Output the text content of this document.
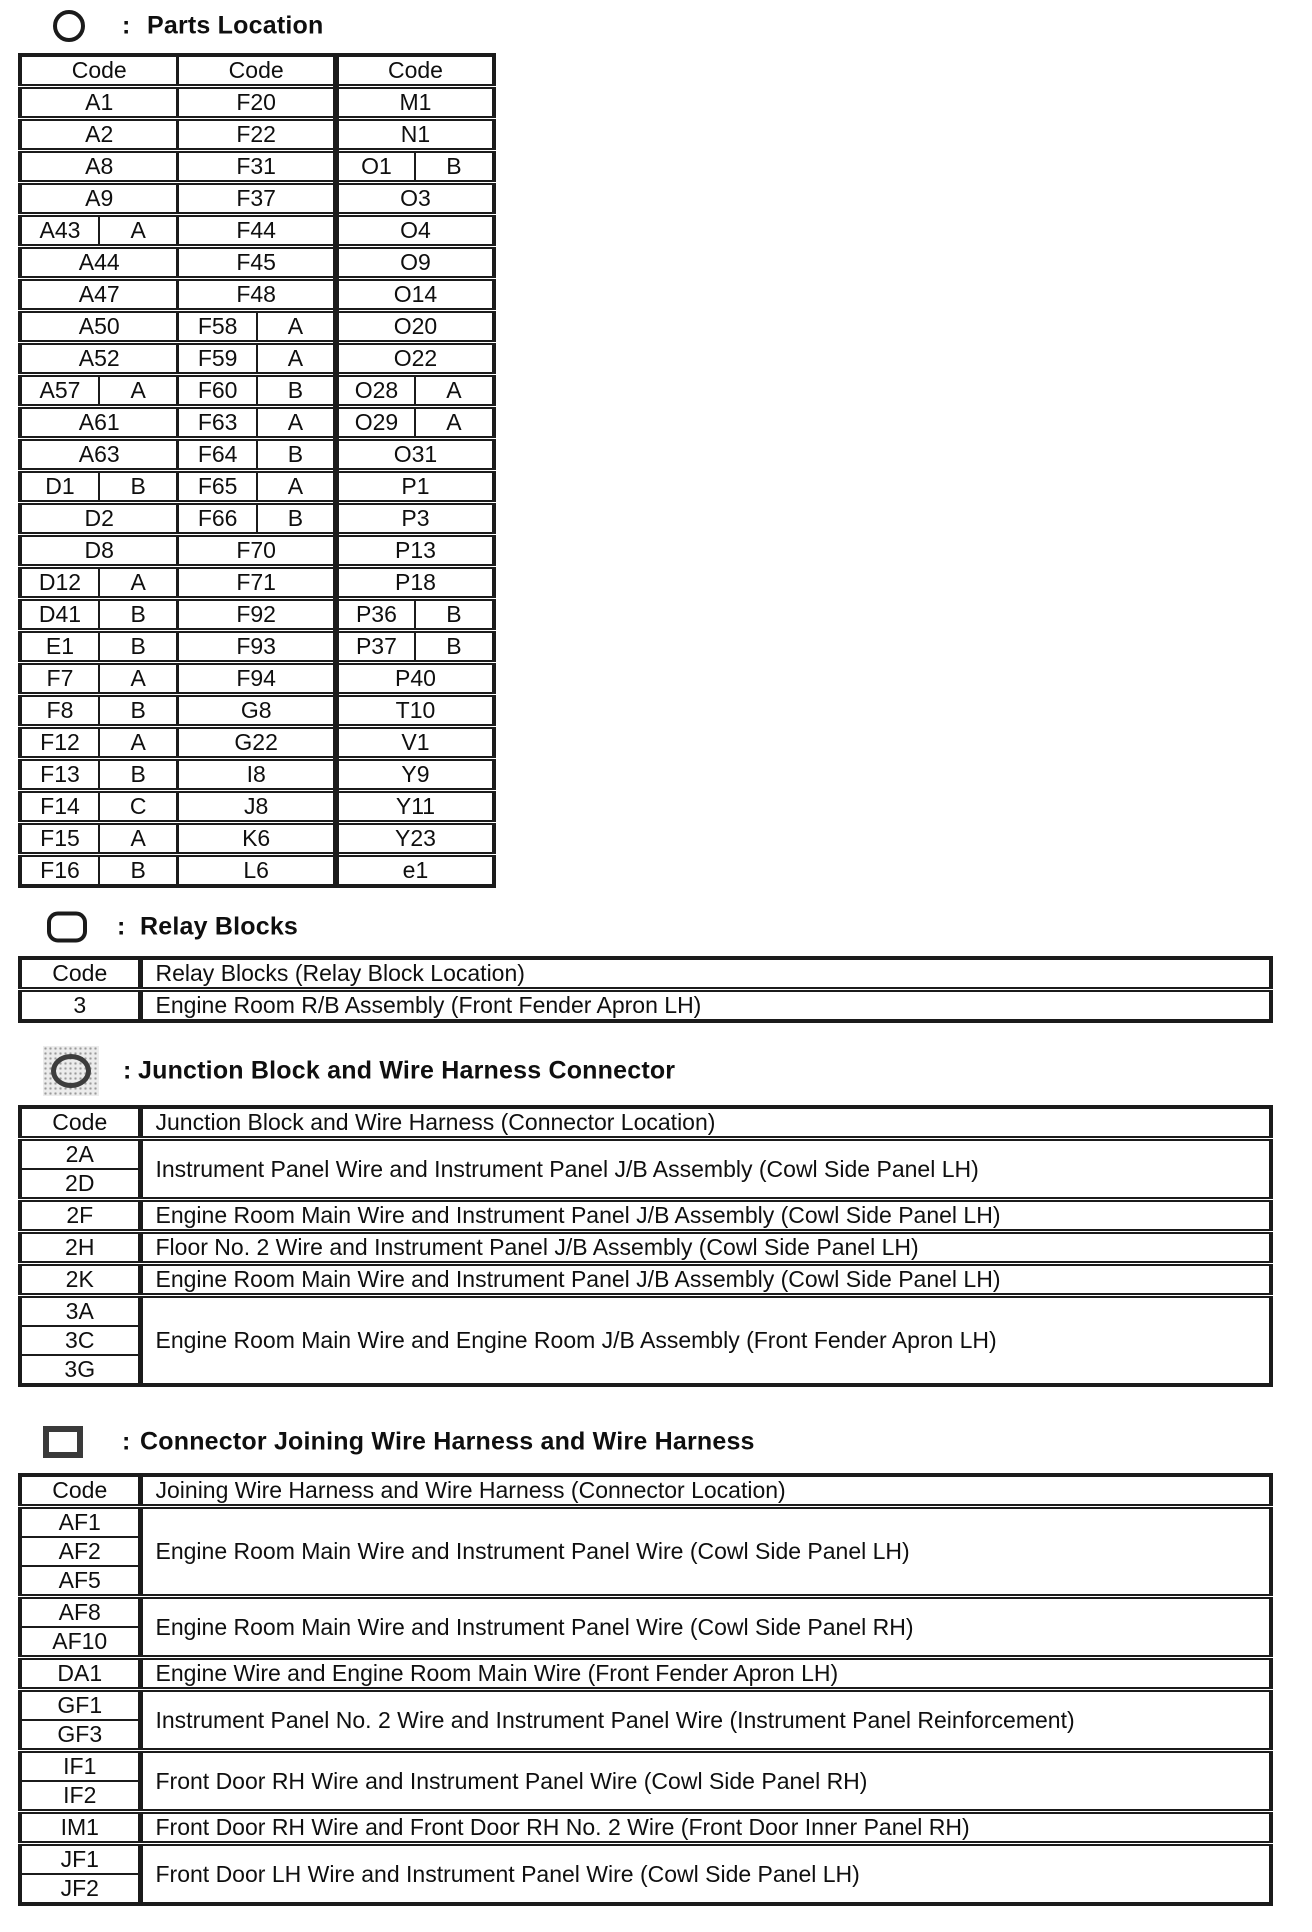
: Parts Location
Code		Code		Code	
A1		F20		M1	
A2		F22		N1	
A8		F31		O1	B
A9		F37		O3	
A43	A	F44		O4	
A44		F45		O9	
A47		F48		O14	
A50		F58	A	O20	
A52		F59	A	O22	
A57	A	F60	B	O28	A
A61		F63	A	O29	A
A63		F64	B	O31	
D1	B	F65	A	P1	
D2		F66	B	P3	
D8		F70		P13	
D12	A	F71		P18	
D41	B	F92		P36	B
E1	B	F93		P37	B
F7	A	F94		P40	
F8	B	G8		T10	
F12	A	G22		V1	
F13	B	I8		Y9	
F14	C	J8		Y11	
F15	A	K6		Y23	
F16	B	L6		e1	
: Relay Blocks
Code	Relay Blocks (Relay Block Location)
3	Engine Room R/B Assembly (Front Fender Apron LH)
: Junction Block and Wire Harness Connector
Code	Junction Block and Wire Harness (Connector Location)
2A	Instrument Panel Wire and Instrument Panel J/B Assembly (Cowl Side Panel LH)
2D	
2F	Engine Room Main Wire and Instrument Panel J/B Assembly (Cowl Side Panel LH)
2H	Floor No. 2 Wire and Instrument Panel J/B Assembly (Cowl Side Panel LH)
2K	Engine Room Main Wire and Instrument Panel J/B Assembly (Cowl Side Panel LH)
3A	Engine Room Main Wire and Engine Room J/B Assembly (Front Fender Apron LH)
3C	
3G	
: Connector Joining Wire Harness and Wire Harness
Code	Joining Wire Harness and Wire Harness (Connector Location)
AF1	Engine Room Main Wire and Instrument Panel Wire (Cowl Side Panel LH)
AF2	
AF5	
AF8	Engine Room Main Wire and Instrument Panel Wire (Cowl Side Panel RH)
AF10	
DA1	Engine Wire and Engine Room Main Wire (Front Fender Apron LH)
GF1	Instrument Panel No. 2 Wire and Instrument Panel Wire (Instrument Panel Reinforcement)
GF3	
IF1	Front Door RH Wire and Instrument Panel Wire (Cowl Side Panel RH)
IF2	
IM1	Front Door RH Wire and Front Door RH No. 2 Wire (Front Door Inner Panel RH)
JF1	Front Door LH Wire and Instrument Panel Wire (Cowl Side Panel LH)
JF2	
